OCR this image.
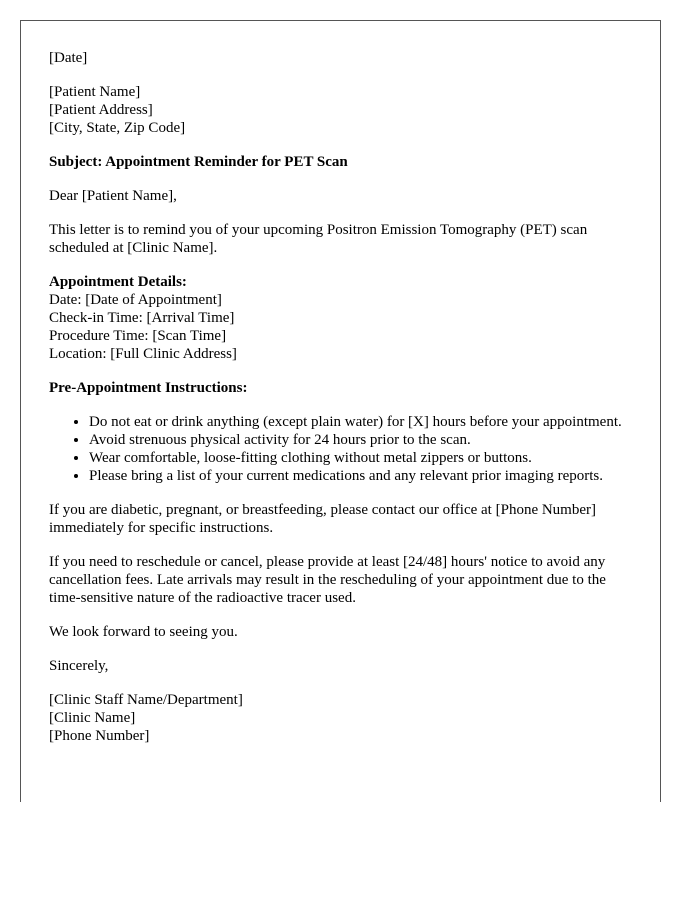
[Date]

[Patient Name]
[Patient Address]
[City, State, Zip Code]

Subject: Appointment Reminder for PET Scan

Dear [Patient Name],

This letter is to remind you of your upcoming Positron Emission Tomography (PET) scan scheduled at [Clinic Name].

Appointment Details:
Date: [Date of Appointment]
Check-in Time: [Arrival Time]
Procedure Time: [Scan Time]
Location: [Full Clinic Address]

Pre-Appointment Instructions:

• Do not eat or drink anything (except plain water) for [X] hours before your appointment.
• Avoid strenuous physical activity for 24 hours prior to the scan.
• Wear comfortable, loose-fitting clothing without metal zippers or buttons.
• Please bring a list of your current medications and any relevant prior imaging reports.

If you are diabetic, pregnant, or breastfeeding, please contact our office at [Phone Number] immediately for specific instructions.

If you need to reschedule or cancel, please provide at least [24/48] hours' notice to avoid any cancellation fees. Late arrivals may result in the rescheduling of your appointment due to the time-sensitive nature of the radioactive tracer used.

We look forward to seeing you.

Sincerely,

[Clinic Staff Name/Department]
[Clinic Name]
[Phone Number]
